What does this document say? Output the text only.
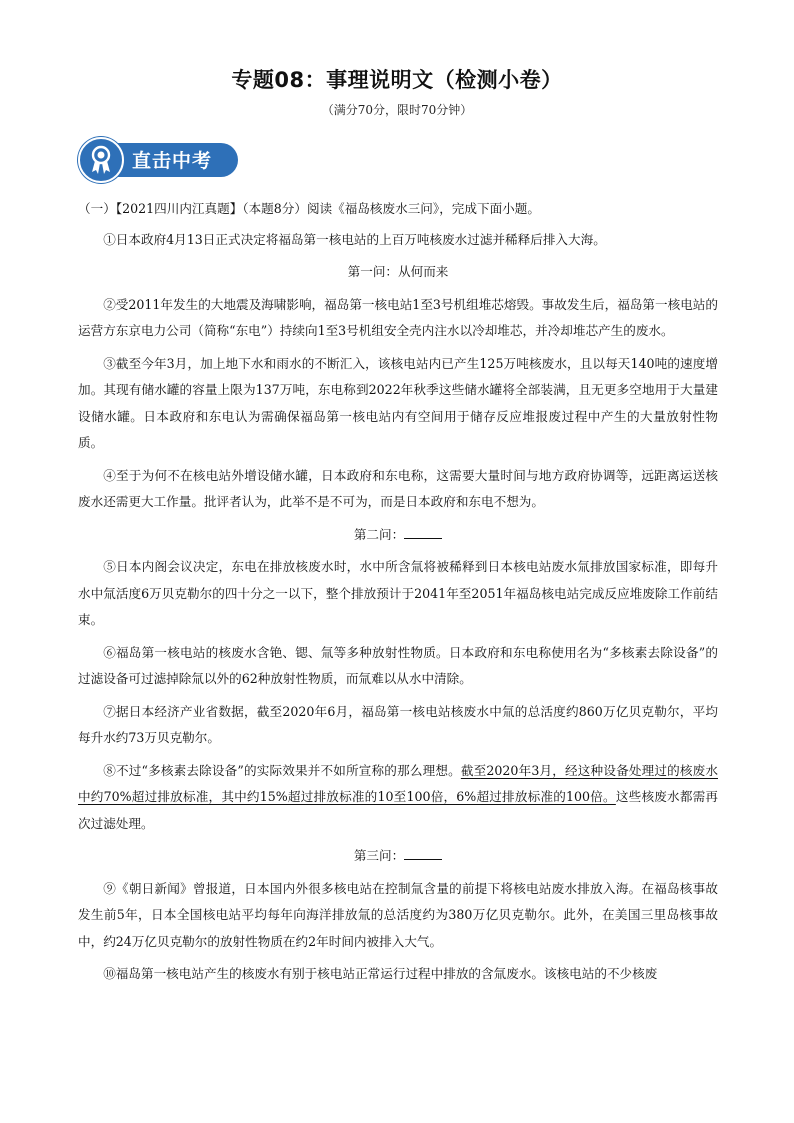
专题08：事理说明文（检测小卷）
（满分70分，限时70分钟）
直击中考

（一）【2021四川内江真题】（本题8分）阅读《福岛核废水三问》，完成下面小题。

①日本政府4月13日正式决定将福岛第一核电站的上百万吨核废水过滤并稀释后排入大海。

第一问：从何而来

②受2011年发生的大地震及海啸影响，福岛第一核电站1至3号机组堆芯熔毁。事故发生后，福岛第一核电站的运营方东京电力公司（简称“东电”）持续向1至3号机组安全壳内注水以冷却堆芯，并冷却堆芯产生的废水。

③截至今年3月，加上地下水和雨水的不断汇入，该核电站内已产生125万吨核废水，且以每天140吨的速度增加。其现有储水罐的容量上限为137万吨，东电称到2022年秋季这些储水罐将全部装满，且无更多空地用于大量建设储水罐。日本政府和东电认为需确保福岛第一核电站内有空间用于储存反应堆报废过程中产生的大量放射性物质。

④至于为何不在核电站外增设储水罐，日本政府和东电称，这需要大量时间与地方政府协调等，远距离运送核废水还需更大工作量。批评者认为，此举不是不可为，而是日本政府和东电不想为。

第二问：

⑤日本内阁会议决定，东电在排放核废水时，水中所含氚将被稀释到日本核电站废水氚排放国家标准，即每升水中氚活度6万贝克勒尔的四十分之一以下，整个排放预计于2041年至2051年福岛核电站完成反应堆废除工作前结束。

⑥福岛第一核电站的核废水含铯、锶、氚等多种放射性物质。日本政府和东电称使用名为“多核素去除设备”的过滤设备可过滤掉除氚以外的62种放射性物质，而氚难以从水中清除。

⑦据日本经济产业省数据，截至2020年6月，福岛第一核电站核废水中氚的总活度约860万亿贝克勒尔，平均每升水约73万贝克勒尔。

⑧不过“多核素去除设备”的实际效果并不如所宣称的那么理想。截至2020年3月，经这种设备处理过的核废水中约70%超过排放标准，其中约15%超过排放标准的10至100倍，6%超过排放标准的100倍。这些核废水都需再次过滤处理。

第三问：

⑨《朝日新闻》曾报道，日本国内外很多核电站在控制氚含量的前提下将核电站废水排放入海。在福岛核事故发生前5年，日本全国核电站平均每年向海洋排放氚的总活度约为380万亿贝克勒尔。此外，在美国三里岛核事故中，约24万亿贝克勒尔的放射性物质在约2年时间内被排入大气。

⑩福岛第一核电站产生的核废水有别于核电站正常运行过程中排放的含氚废水。该核电站的不少核废
